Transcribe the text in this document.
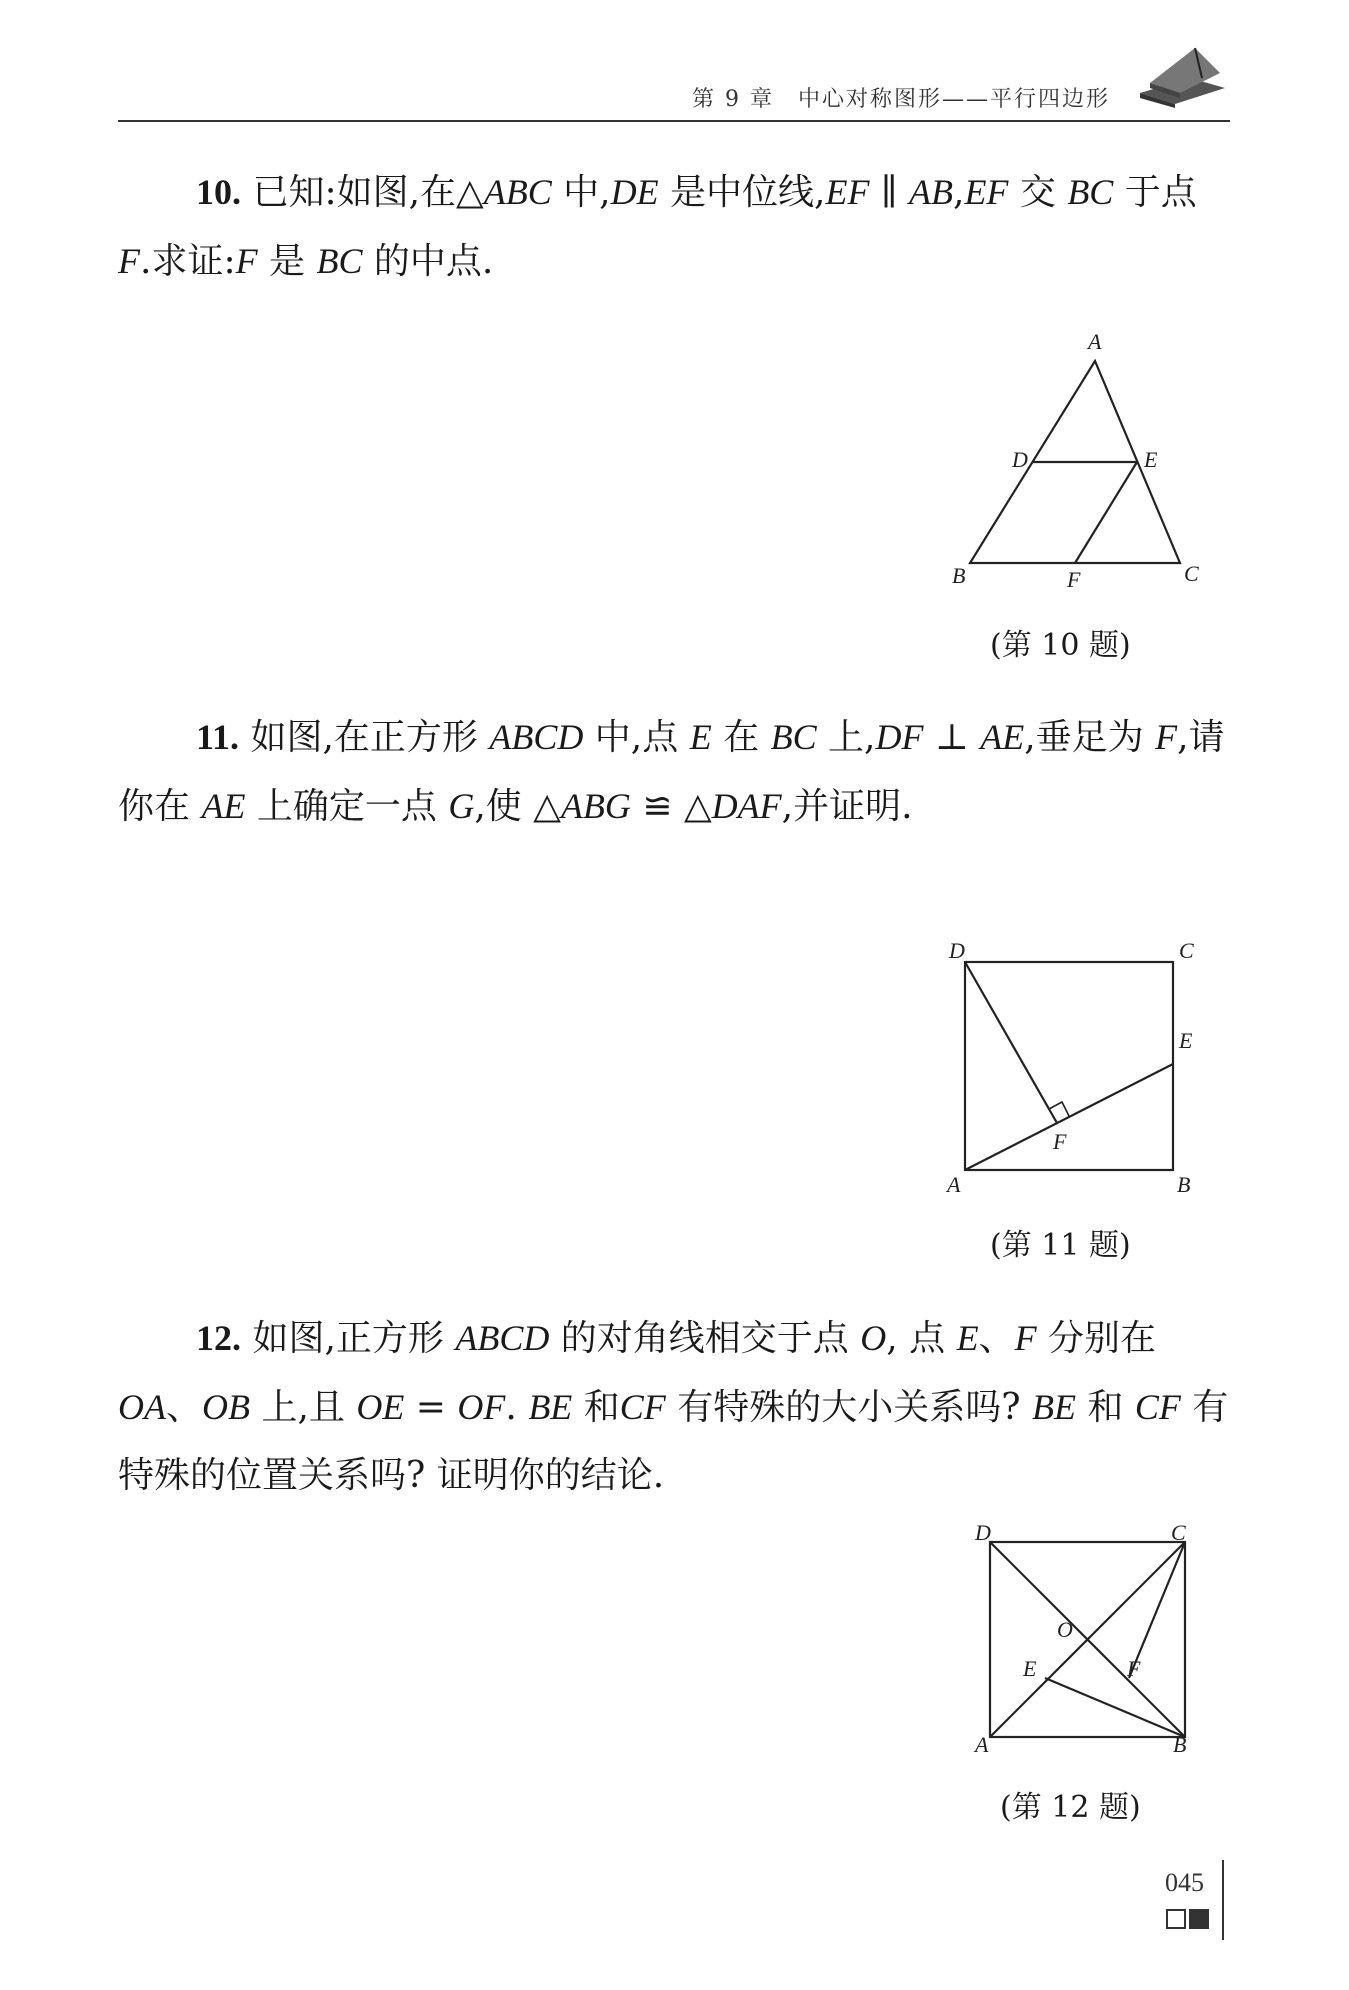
第 9 章　中心对称图形——平行四边形
10. 已知:如图,在△ABC 中,DE 是中位线,EF ∥ AB,EF 交 BC 于点 F.求证:F 是 BC 的中点.
A
B	C
D	E
F
(第 10 题)
11. 如图,在正方形 ABCD 中,点 E 在 BC 上,DF ⊥ AE,垂足为 F,请你在 AE 上确定一点 G,使 △ABG ≌ △DAF,并证明.
D	C
E
F
A	B
(第 11 题)
12. 如图,正方形 ABCD 的对角线相交于点 O, 点 E、F 分别在OA、OB 上,且 OE = OF. BE 和CF 有特殊的大小关系吗? BE 和 CF 有特殊的位置关系吗? 证明你的结论.
D	C
A	B
O
E	F
(第 12 题)
045
